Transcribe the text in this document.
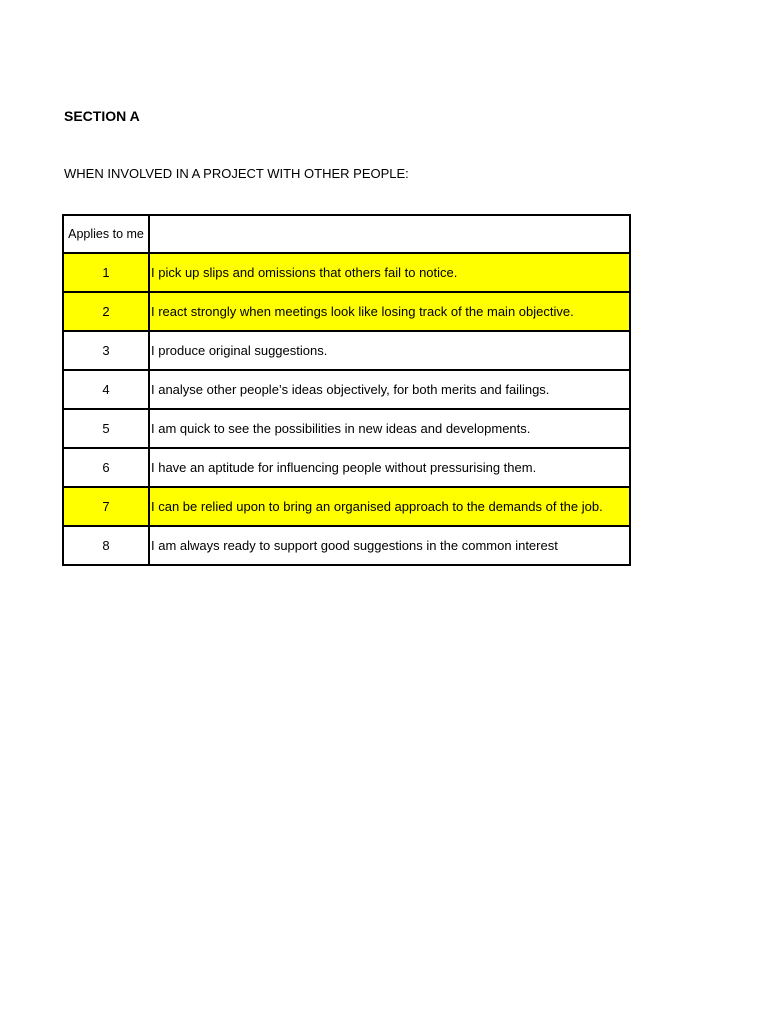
SECTION A
WHEN INVOLVED IN A PROJECT WITH OTHER PEOPLE:
Applies to me	
1	I pick up slips and omissions that others fail to notice.
2	I react strongly when meetings look like losing track of the main objective.
3	I produce original suggestions.
4	I analyse other people’s ideas objectively, for both merits and failings.
5	I am quick to see the possibilities in new ideas and developments.
6	I have an aptitude for influencing people without pressurising them.
7	I can be relied upon to bring an organised approach to the demands of the job.
8	I am always ready to support good suggestions in the common interest
